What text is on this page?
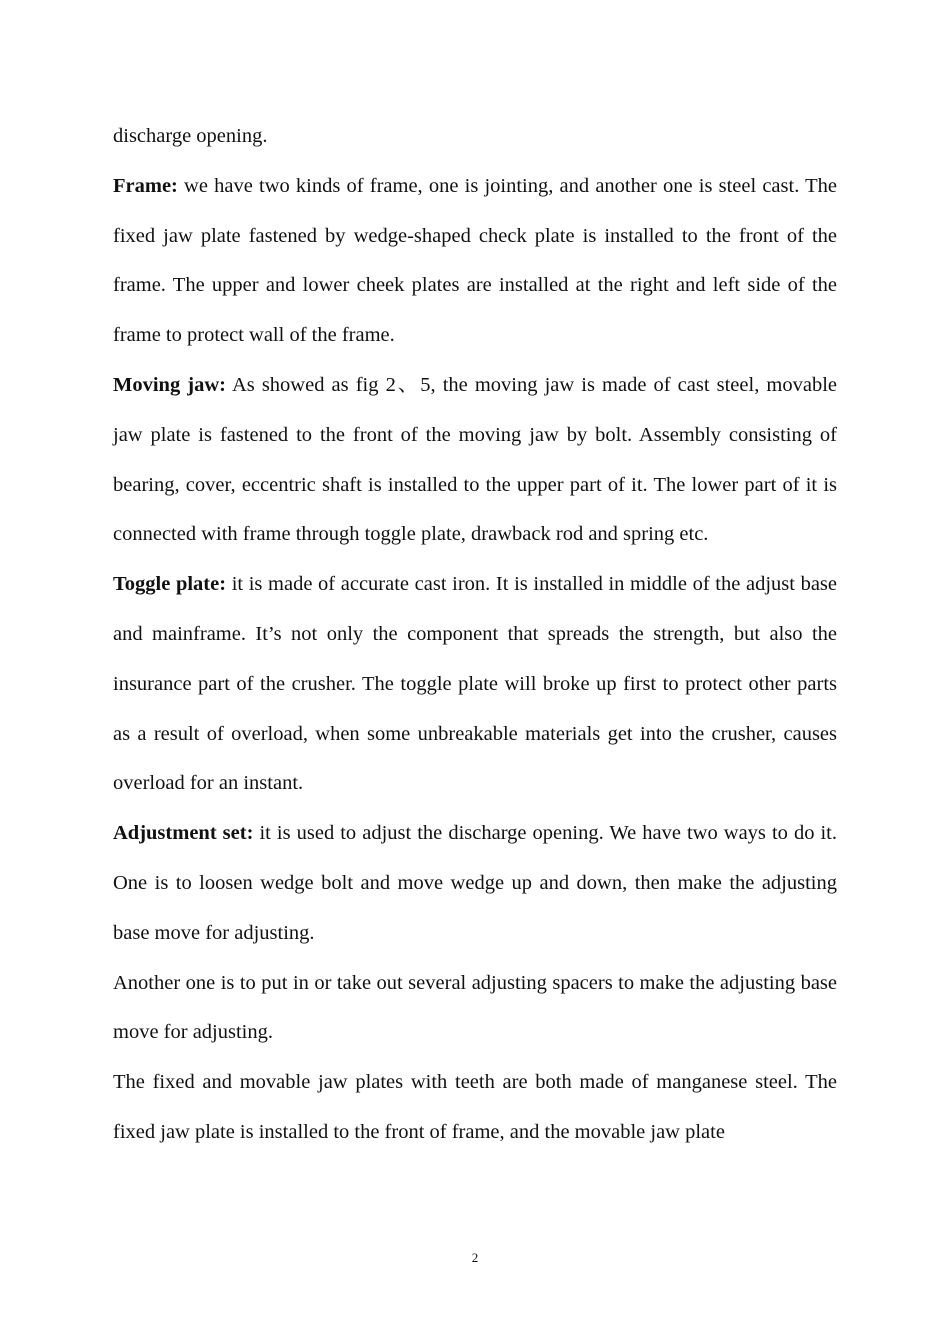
discharge opening.

Frame: we have two kinds of frame, one is jointing, and another one is steel cast. The fixed jaw plate fastened by wedge-shaped check plate is installed to the front of the frame. The upper and lower cheek plates are installed at the right and left side of the frame to protect wall of the frame.

Moving jaw: As showed as fig 2、5, the moving jaw is made of cast steel, movable jaw plate is fastened to the front of the moving jaw by bolt. Assembly consisting of bearing, cover, eccentric shaft is installed to the upper part of it. The lower part of it is connected with frame through toggle plate, drawback rod and spring etc.

Toggle plate: it is made of accurate cast iron. It is installed in middle of the adjust base and mainframe. It’s not only the component that spreads the strength, but also the insurance part of the crusher. The toggle plate will broke up first to protect other parts as a result of overload, when some unbreakable materials get into the crusher, causes overload for an instant.

Adjustment set: it is used to adjust the discharge opening. We have two ways to do it. One is to loosen wedge bolt and move wedge up and down, then make the adjusting base move for adjusting.

Another one is to put in or take out several adjusting spacers to make the adjusting base move for adjusting.

The fixed and movable jaw plates with teeth are both made of manganese steel. The fixed jaw plate is installed to the front of frame, and the movable jaw plate

2
